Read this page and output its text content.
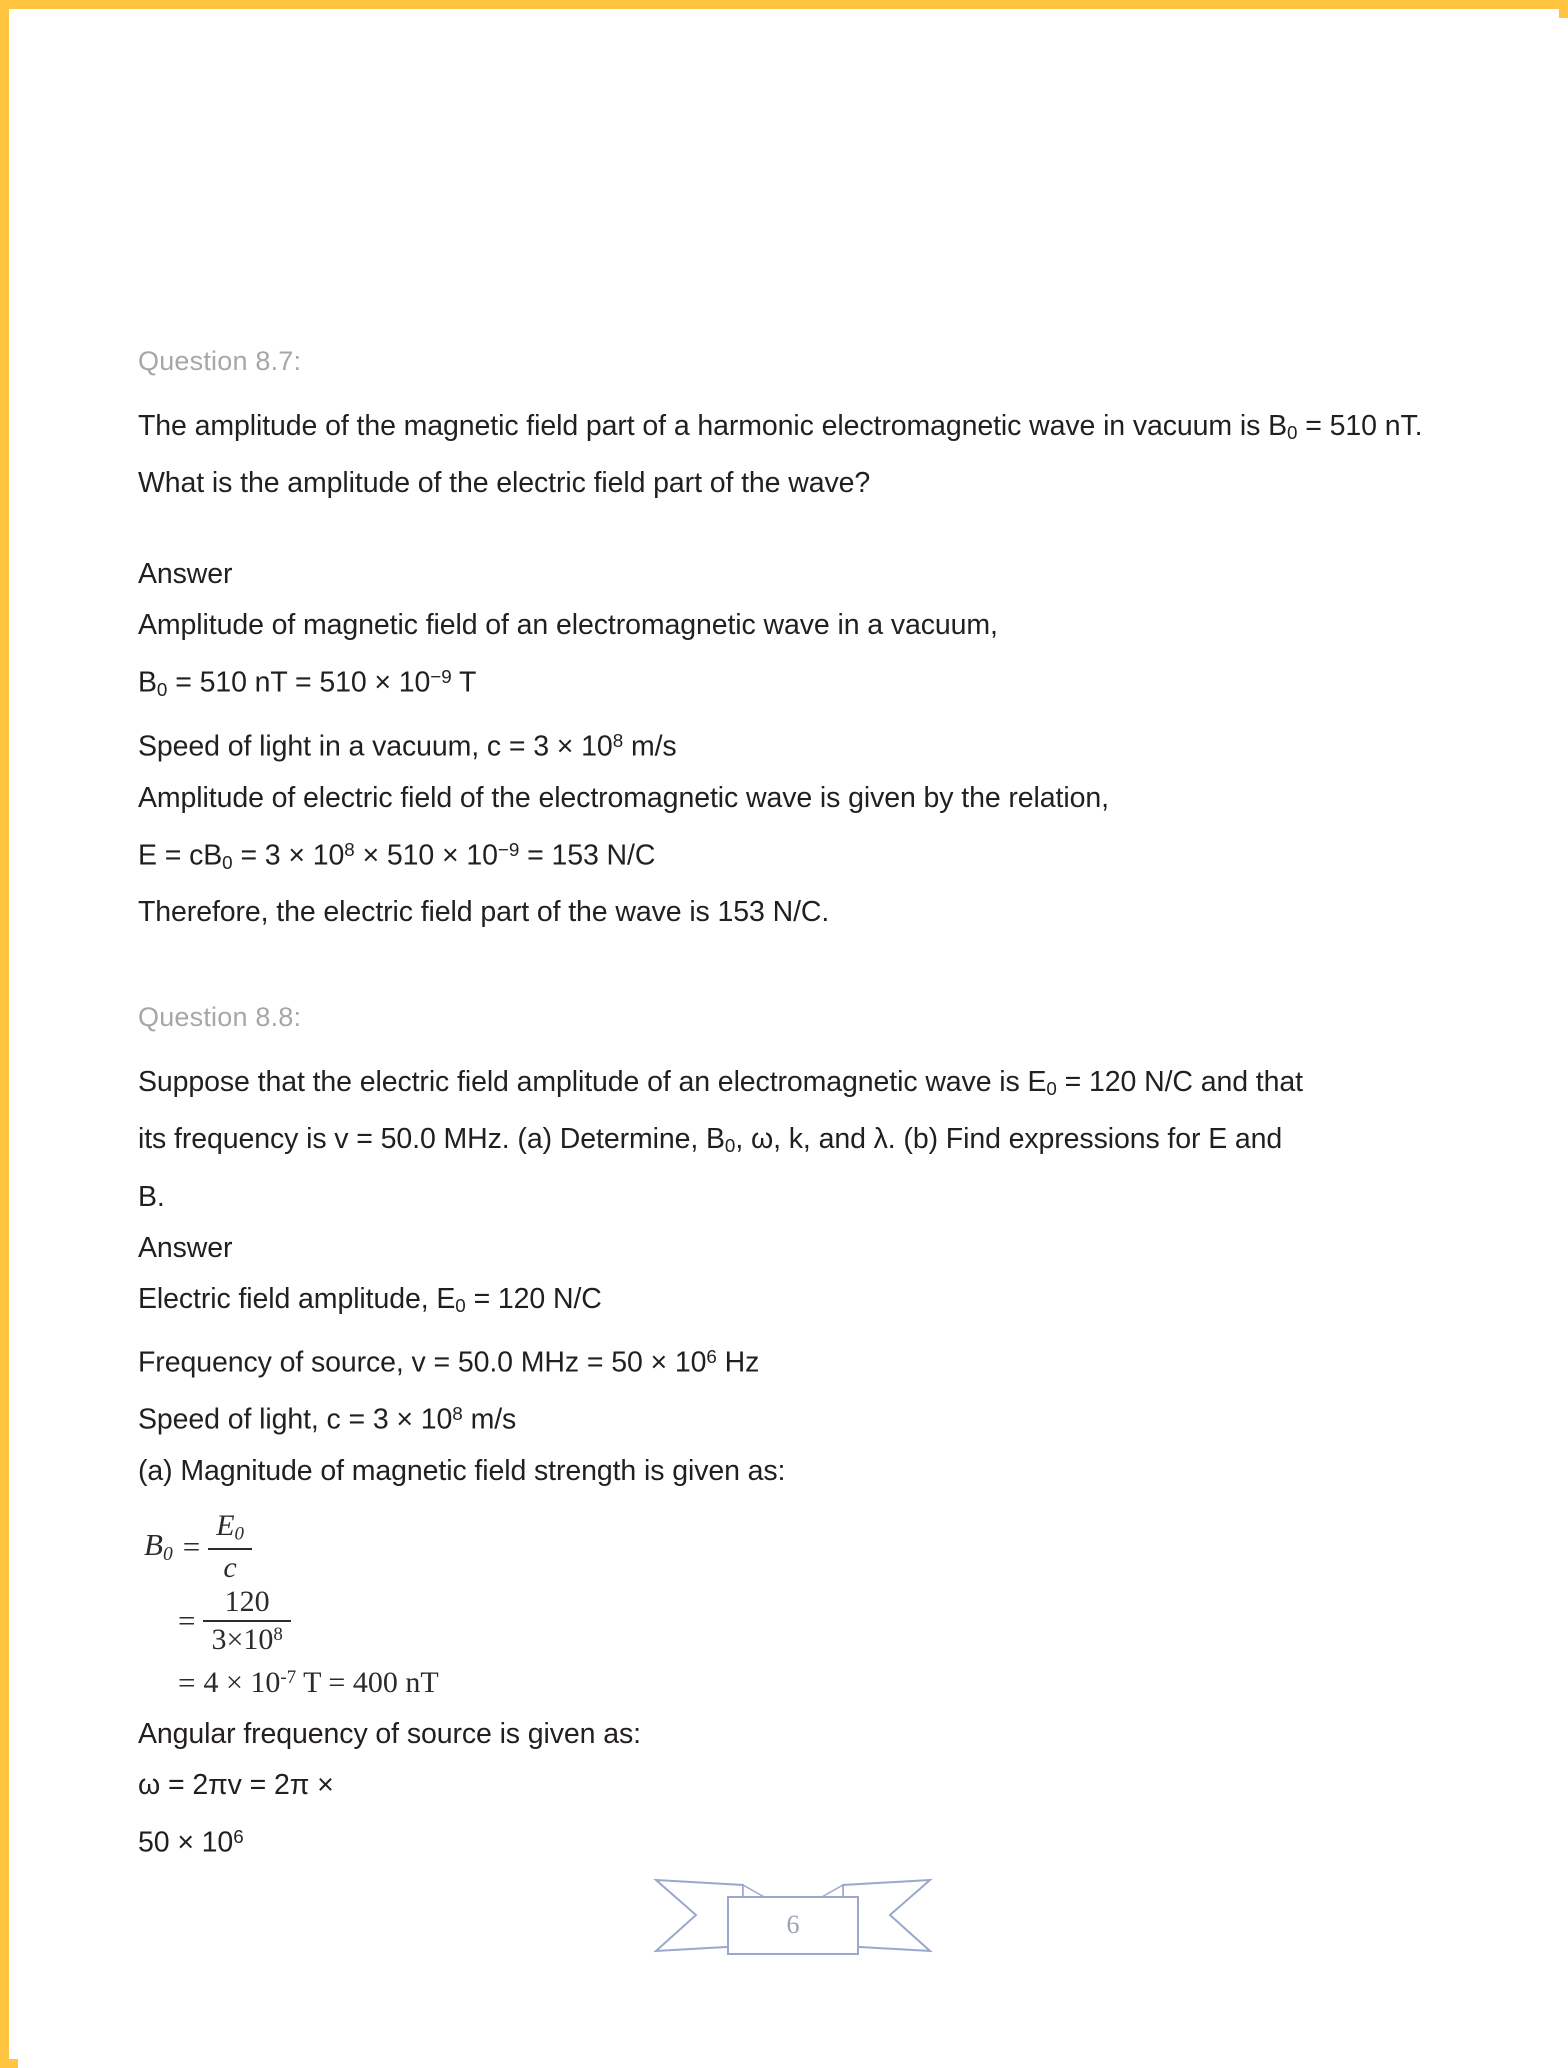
Question 8.7:

The amplitude of the magnetic field part of a harmonic electromagnetic wave in vacuum is $B_0 = 510$ nT. What is the amplitude of the electric field part of the wave?

Answer
Amplitude of magnetic field of an electromagnetic wave in a vacuum,
$B_0 = 510$ nT = $510 \times 10^{-9}$ T
Speed of light in a vacuum, $c = 3 \times 10^8$ m/s
Amplitude of electric field of the electromagnetic wave is given by the relation,
$E = cB_0 = 3 \times 10^8 \times 510 \times 10^{-9} = 153$ N/C
Therefore, the electric field part of the wave is 153 N/C.
Question 8.8:
Suppose that the electric field amplitude of an electromagnetic wave is $E_0 = 120$ N/C and that
its frequency is v = 50.0 MHz. (a) Determine, $B_0$, ω, k, and λ. (b) Find expressions for E and
B.
Answer
Electric field amplitude, $E_0 = 120$ N/C
Frequency of source, v = 50.0 MHz = $50 \times 10^6$ Hz
Speed of light, $c = 3 \times 10^8$ m/s
(a) Magnitude of magnetic field strength is given as:
$B0 = \frac{E0}{c}$
= $\frac{120}{3\times 10^8}$
= $4 \times 10^{-7}$ T = 400 nT
Angular frequency of source is given as:
ω = 2πv = 2π ×
$50 \times 10^6$
6
